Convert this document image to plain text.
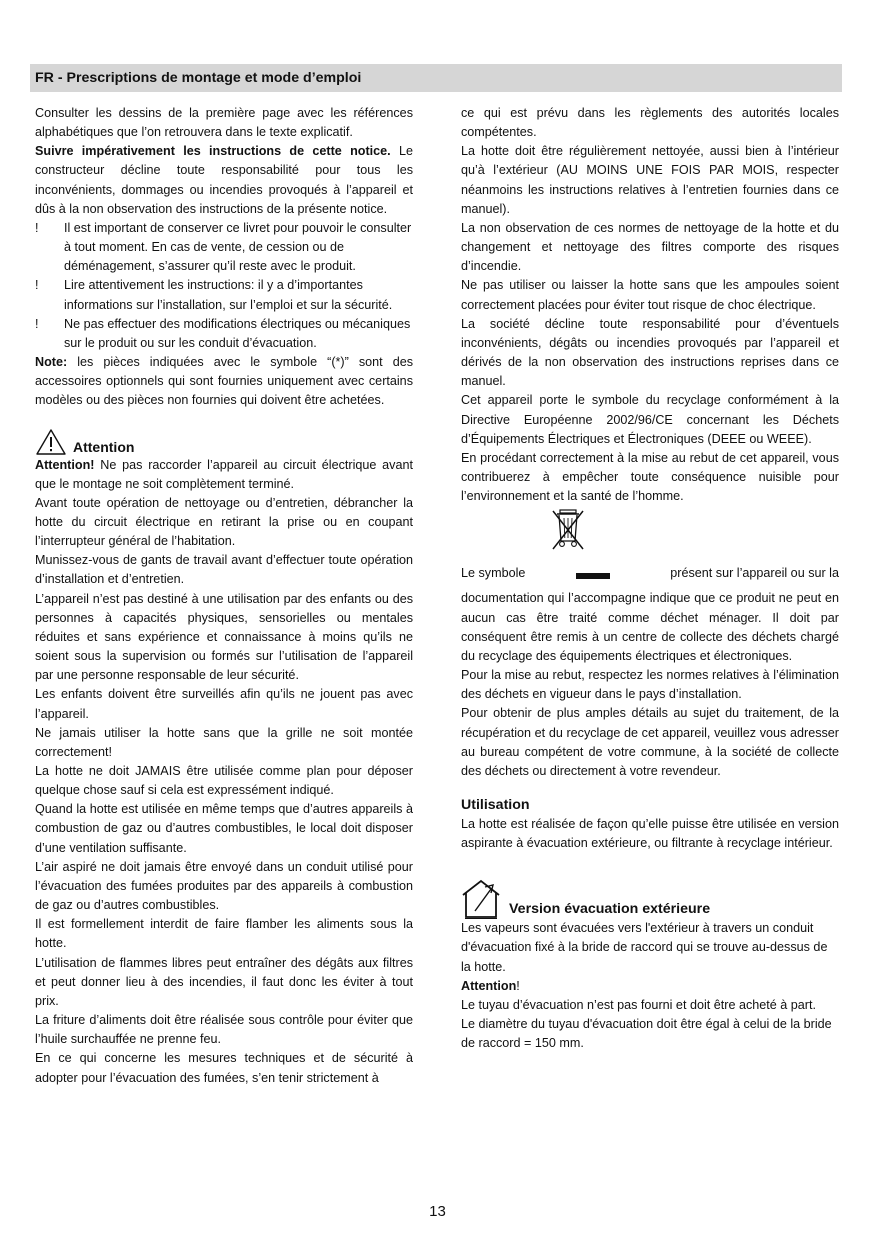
FR - Prescriptions de montage et mode d’emploi

Consulter les dessins de la première page avec les références alphabétiques que l’on retrouvera dans le texte explicatif.

Suivre impérativement les instructions de cette notice. Le constructeur décline toute responsabilité pour tous les inconvénients, dommages ou incendies provoqués à l’appareil et dûs à la non observation des instructions de la présente notice.

!	Il est important de conserver ce livret pour pouvoir le consulter à tout moment. En cas de vente, de cession ou de déménagement, s’assurer qu’il reste avec le produit.
!	Lire attentivement les instructions: il y a d’importantes informations sur l’installation, sur l’emploi et sur la sécurité.
!	Ne pas effectuer des modifications électriques ou mécaniques sur le produit ou sur les conduit d’évacuation.

Note: les pièces indiquées avec le symbole “(*)” sont des accessoires optionnels qui sont fournies uniquement avec certains modèles ou des pièces non fournies qui doivent être achetées.

Attention

Attention! Ne pas raccorder l’appareil au circuit électrique avant que le montage ne soit complètement terminé.

Avant toute opération de nettoyage ou d’entretien, débrancher la hotte du circuit électrique en retirant la prise ou en coupant l’interrupteur général de l’habitation.

Munissez-vous de gants de travail avant d’effectuer toute opération d’installation et d’entretien.

L’appareil n’est pas destiné à une utilisation par des enfants ou des personnes à capacités physiques, sensorielles ou mentales réduites et sans expérience et connaissance à moins qu’ils ne soient sous la supervision ou formés sur l’utilisation de l’appareil par une personne responsable de leur sécurité.

Les enfants doivent être surveillés afin qu’ils ne jouent pas avec l’appareil.

Ne jamais utiliser la hotte sans que la grille ne soit montée correctement!

La hotte ne doit JAMAIS être utilisée comme plan pour déposer quelque chose sauf si cela est expressément indiqué.

Quand la hotte est utilisée en même temps que d’autres appareils à combustion de gaz ou d’autres combustibles, le local doit disposer d’une ventilation suffisante.

L’air aspiré ne doit jamais être envoyé dans un conduit utilisé pour l’évacuation des fumées produites par des appareils à combustion de gaz ou d’autres combustibles.

Il est formellement interdit de faire flamber les aliments sous la hotte.

L’utilisation de flammes libres peut entraîner des dégâts aux filtres et peut donner lieu à des incendies, il faut donc les éviter à tout prix.

La friture d’aliments doit être réalisée sous contrôle pour éviter que l’huile surchauffée ne prenne feu.

En ce qui concerne les mesures techniques et de sécurité à adopter pour l’évacuation des fumées, s’en tenir strictement à

ce qui est prévu dans les règlements des autorités locales compétentes.

La hotte doit être régulièrement nettoyée, aussi bien à l’intérieur qu’à l’extérieur (AU MOINS UNE FOIS PAR MOIS, respecter néanmoins les instructions relatives à l’entretien fournies dans ce manuel).

La non observation de ces normes de nettoyage de la hotte et du changement et nettoyage des filtres comporte des risques d’incendie.

Ne pas utiliser ou laisser la hotte sans que les ampoules soient correctement placées pour éviter tout risque de choc électrique.

La société décline toute responsabilité pour d’éventuels inconvénients, dégâts ou incendies provoqués par l’appareil et dérivés de la non observation des instructions reprises dans ce manuel.

Cet appareil porte le symbole du recyclage conformément à la Directive Européenne 2002/96/CE concernant les Déchets d’Équipements Électriques et Électroniques (DEEE ou WEEE).

En procédant correctement à la mise au rebut de cet appareil, vous contribuerez à empêcher toute conséquence nuisible pour l’environnement et la santé de l’homme.

Le symbole	présent sur l’appareil ou sur la

documentation qui l’accompagne indique que ce produit ne peut en aucun cas être traité comme déchet ménager. Il doit par conséquent être remis à un centre de collecte des déchets chargé du recyclage des équipements électriques et électroniques.

Pour la mise au rebut, respectez les normes relatives à l’élimination des déchets en vigueur dans le pays d’installation.

Pour obtenir de plus amples détails au sujet du traitement, de la récupération et du recyclage de cet appareil, veuillez vous adresser au bureau compétent de votre commune, à la société de collecte des déchets ou directement à votre revendeur.

Utilisation

La hotte est réalisée de façon qu’elle puisse être utilisée en version aspirante à évacuation extérieure, ou filtrante à recyclage intérieur.

Version évacuation extérieure

Les vapeurs sont évacuées vers l'extérieur à travers un conduit d'évacuation fixé à la bride de raccord qui se trouve au-dessus de la hotte.

Attention!

Le tuyau d’évacuation n’est pas fourni et doit être acheté à part.

Le diamètre du tuyau d'évacuation doit être égal à celui de la bride de raccord = 150 mm.

13
